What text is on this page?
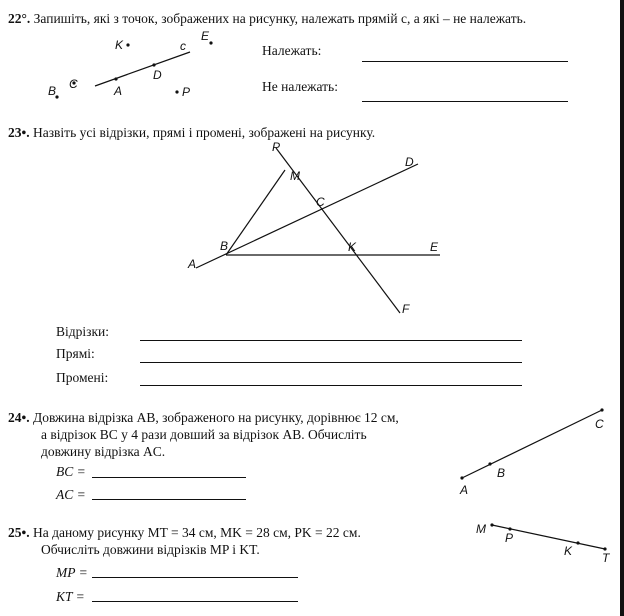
22°. Запишіть, які з точок, зображених на рисунку, належать прямій c, а які – не належать.
K	c
E
D
B C	A	P
Належать:
Не належать:
23•. Назвіть усі відрізки, прямі і промені, зображені на рисунку.
P
M
D
C
B	K	E
A
F
Відрізки:
Прямі:
Промені:
24•. Довжина відрізка AB, зображеного на рисунку, дорівнює 12 см,
а відрізок BC у 4 рази довший за відрізок AB. Обчисліть
довжину відрізка AC.
BC =
AC =
C
B
A
25•. На даному рисунку MT = 34 см, MK = 28 см, PK = 22 см.
Обчисліть довжини відрізків MP і KT.
MP =
KT =
M
P
K T
